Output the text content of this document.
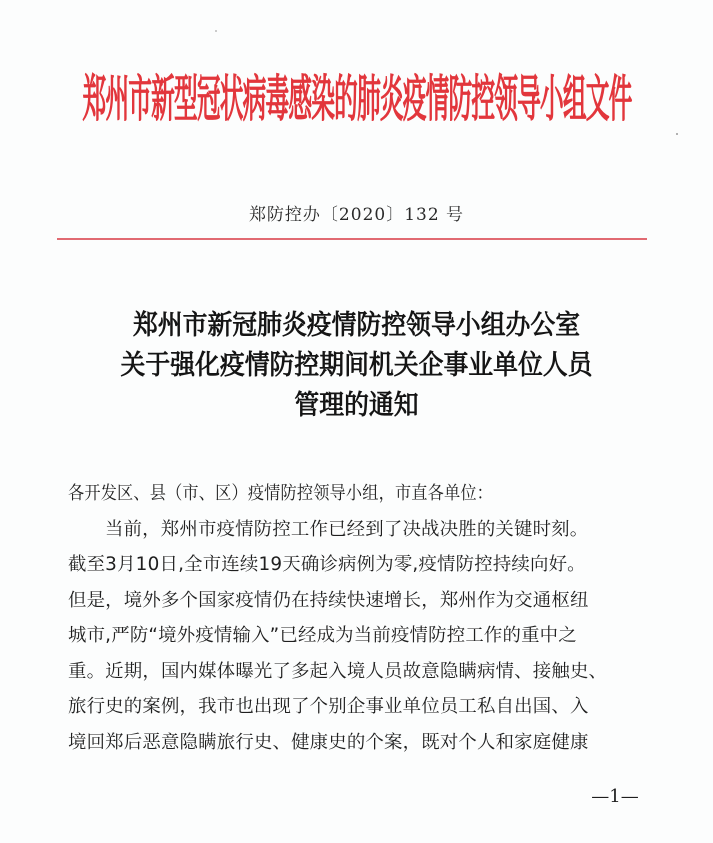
郑州市新型冠状病毒感染的肺炎疫情防控领导小组文件
郑防控办〔2020〕132 号
郑州市新冠肺炎疫情防控领导小组办公室
关于强化疫情防控期间机关企事业单位人员
管理的通知

各开发区、县（市、区）疫情防控领导小组，市直各单位：

当前，郑州市疫情防控工作已经到了决战决胜的关键时刻。

截至3月10日,全市连续19天确诊病例为零,疫情防控持续向好。

但是，境外多个国家疫情仍在持续快速增长，郑州作为交通枢纽

城市,严防“境外疫情输入”已经成为当前疫情防控工作的重中之

重。近期，国内媒体曝光了多起入境人员故意隐瞒病情、接触史、

旅行史的案例，我市也出现了个别企事业单位员工私自出国、入

境回郑后恶意隐瞒旅行史、健康史的个案，既对个人和家庭健康

—1—
